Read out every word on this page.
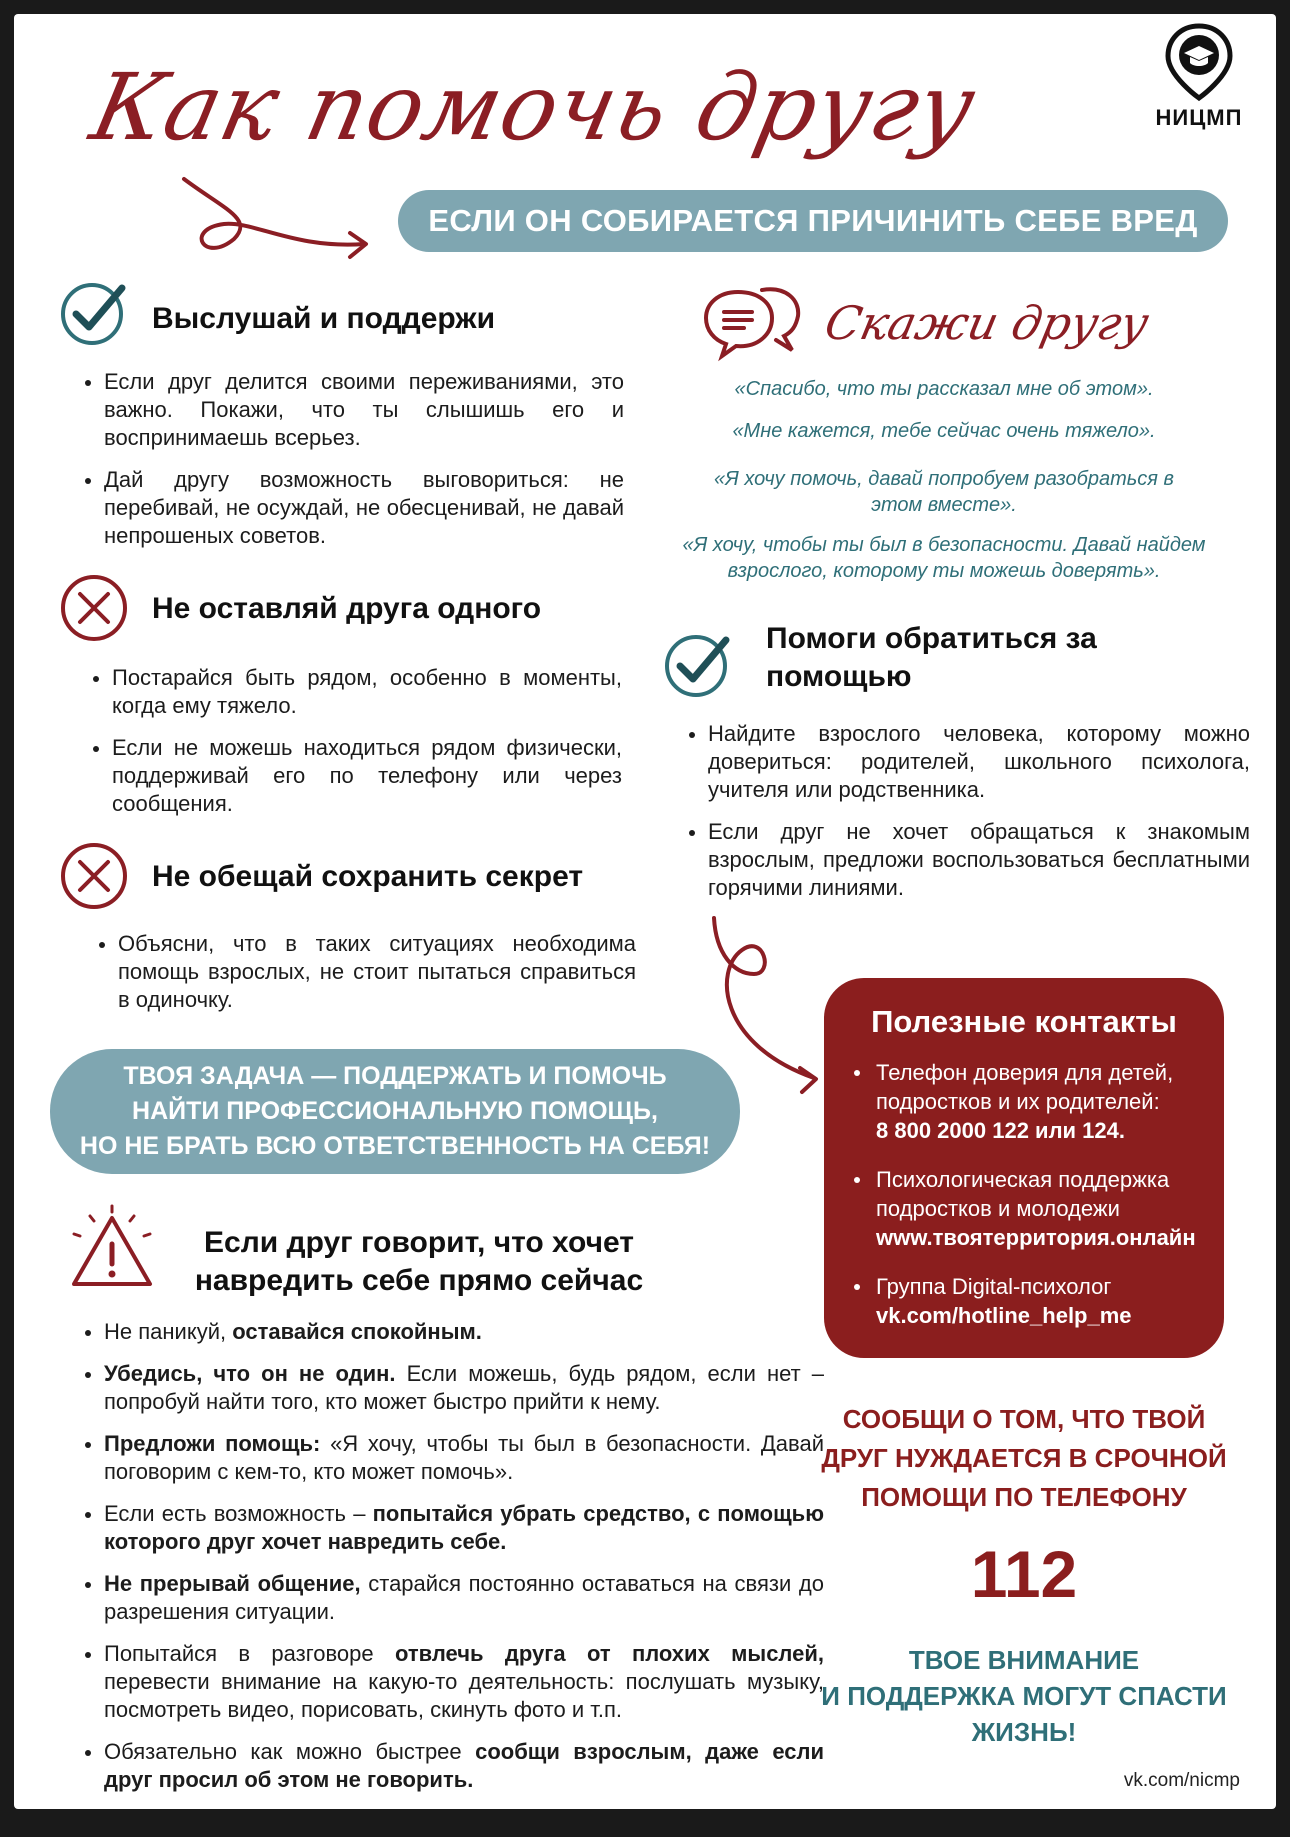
Как помочь другу	НИЦМП
ЕСЛИ ОН СОБИРАЕТСЯ ПРИЧИНИТЬ СЕБЕ ВРЕД
Выслушай и поддержи
Если друг делится своими переживаниями, это важно. Покажи, что ты слышишь его и воспринимаешь всерьез.
Дай другу возможность выговориться: не перебивай, не осуждай, не обесценивай, не давай непрошеных советов.
Не оставляй друга одного
Постарайся быть рядом, особенно в моменты, когда ему тяжело.
Если не можешь находиться рядом физически, поддерживай его по телефону или через сообщения.
Не обещай сохранить секрет
Объясни, что в таких ситуациях необходима помощь взрослых, не стоит пытаться справиться в одиночку.
Скажи другу
«Спасибо, что ты рассказал мне об этом».
«Мне кажется, тебе сейчас очень тяжело».
«Я хочу помочь, давай попробуем разобраться в этом вместе».
«Я хочу, чтобы ты был в безопасности. Давай найдем взрослого, которому ты можешь доверять».
Помоги обратиться за помощью
Найдите взрослого человека, которому можно довериться: родителей, школьного психолога, учителя или родственника.
Если друг не хочет обращаться к знакомым взрослым, предложи воспользоваться бесплатными горячими линиями.
ТВОЯ ЗАДАЧА — ПОДДЕРЖАТЬ И ПОМОЧЬ
НАЙТИ ПРОФЕССИОНАЛЬНУЮ ПОМОЩЬ,
НО НЕ БРАТЬ ВСЮ ОТВЕТСТВЕННОСТЬ НА СЕБЯ!
Если друг говорит, что хочет
навредить себе прямо сейчас
Не паникуй, оставайся спокойным.
Убедись, что он не один. Если можешь, будь рядом, если нет – попробуй найти того, кто может быстро прийти к нему.
Предложи помощь: «Я хочу, чтобы ты был в безопасности. Давай поговорим с кем-то, кто может помочь».
Если есть возможность – попытайся убрать средство, с помощью которого друг хочет навредить себе.
Не прерывай общение, старайся постоянно оставаться на связи до разрешения ситуации.
Попытайся в разговоре отвлечь друга от плохих мыслей, перевести внимание на какую-то деятельность: послушать музыку, посмотреть видео, порисовать, скинуть фото и т.п.
Обязательно как можно быстрее сообщи взрослым, даже если друг просил об этом не говорить.
Полезные контакты
Телефон доверия для детей, подростков и их родителей:
8 800 2000 122 или 124.
Психологическая поддержка подростков и молодежи
www.твоятерритория.онлайн
Группа Digital-психолог
vk.com/hotline_help_me
СООБЩИ О ТОМ, ЧТО ТВОЙ
ДРУГ НУЖДАЕТСЯ В СРОЧНОЙ
ПОМОЩИ ПО ТЕЛЕФОНУ
112
ТВОЕ ВНИМАНИЕ
И ПОДДЕРЖКА МОГУТ СПАСТИ
ЖИЗНЬ!
vk.com/nicmp
